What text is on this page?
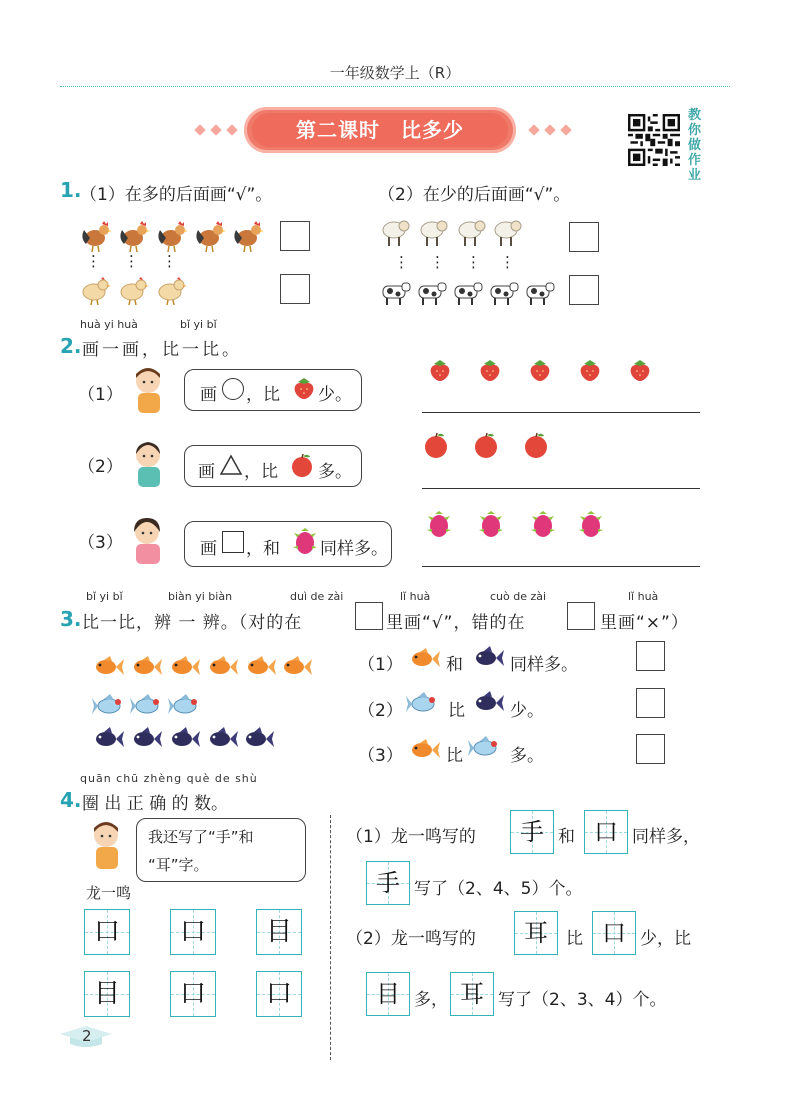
一年级数学上（R）
第二课时　比多少
教
你
做
作
业
1.
（1）在多的后面画“√”。	（2）在少的后面画“√”。
⋮ ⋮ ⋮	⋮ ⋮ ⋮ ⋮
huà yi huà	bǐ yi bǐ
2. 画一画，比一比。
（1）	画 ，比 少。
（2）	画 ，比 多。
（3）	画 ，和 同样多。
bǐ yi bǐ	biàn yi biàn	duì de zài	lǐ huà	cuò de zài	lǐ huà
3. 比一比，辨 一 辨。（对的在	里画“√”，错的在	里画“×”）
（1）	和	同样多。
（2）	比	少。
（3）	比	多。
quān chū zhèng què de shù
4. 圈 出 正 确 的 数。
我还写了“手”和
“耳”字。
龙一鸣
口	口	目
目	口	口
（1）龙一鸣写的	手 和 口 同样多，
手 写了（2、4、5）个。
（2）龙一鸣写的	耳	比 口 少，比
目 多， 耳 写了（2、3、4）个。
2
